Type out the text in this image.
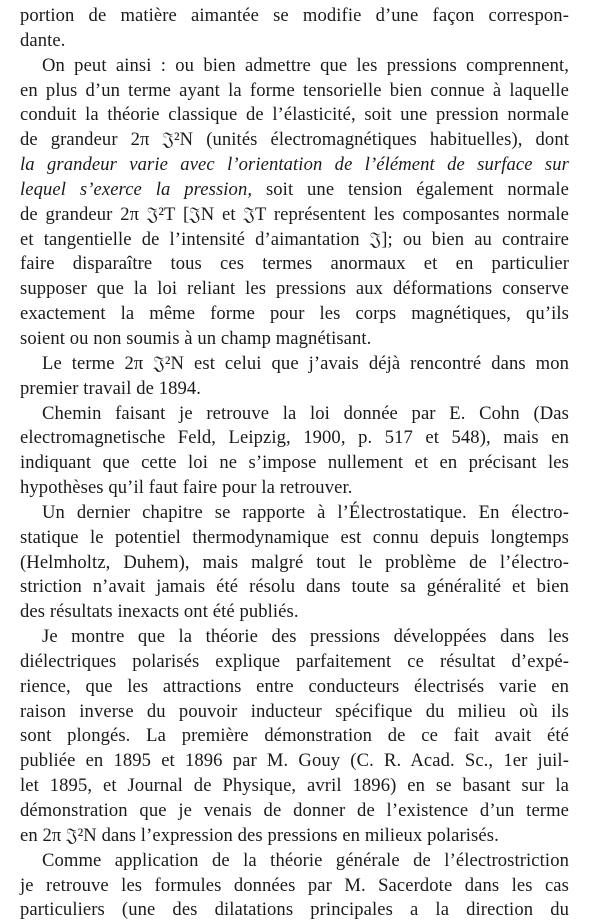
portion de matière aimantée se modifie d’une façon correspon-
dante.

On peut ainsi : ou bien admettre que les pressions comprennent,
en plus d’un terme ayant la forme tensorielle bien connue à laquelle
conduit la théorie classique de l’élasticité, soit une pression normale
de grandeur 2π 𝔍²N (unités électromagnétiques habituelles), dont
la grandeur varie avec l’orientation de l’élément de surface sur
lequel s’exerce la pression, soit une tension également normale
de grandeur 2π 𝔍²T [𝔍N et 𝔍T représentent les composantes normale
et tangentielle de l’intensité d’aimantation 𝔍]; ou bien au contraire
faire disparaître tous ces termes anormaux et en particulier
supposer que la loi reliant les pressions aux déformations conserve
exactement la même forme pour les corps magnétiques, qu’ils
soient ou non soumis à un champ magnétisant.

Le terme 2π 𝔍²N est celui que j’avais déjà rencontré dans mon
premier travail de 1894.

Chemin faisant je retrouve la loi donnée par E. Cohn (Das
electromagnetische Feld, Leipzig, 1900, p. 517 et 548), mais en
indiquant que cette loi ne s’impose nullement et en précisant les
hypothèses qu’il faut faire pour la retrouver.

Un dernier chapitre se rapporte à l’Électrostatique. En électro-
statique le potentiel thermodynamique est connu depuis longtemps
(Helmholtz, Duhem), mais malgré tout le problème de l’électro-
striction n’avait jamais été résolu dans toute sa généralité et bien
des résultats inexacts ont été publiés.

Je montre que la théorie des pressions développées dans les
diélectriques polarisés explique parfaitement ce résultat d’expé-
rience, que les attractions entre conducteurs électrisés varie en
raison inverse du pouvoir inducteur spécifique du milieu où ils
sont plongés. La première démonstration de ce fait avait été
publiée en 1895 et 1896 par M. Gouy (C. R. Acad. Sc., 1er juil-
let 1895, et Journal de Physique, avril 1896) en se basant sur la
démonstration que je venais de donner de l’existence d’un terme
en 2π 𝔍²N dans l’expression des pressions en milieux polarisés.

Comme application de la théorie générale de l’électrostriction
je retrouve les formules données par M. Sacerdote dans les cas
particuliers (une des dilatations principales a la direction du
